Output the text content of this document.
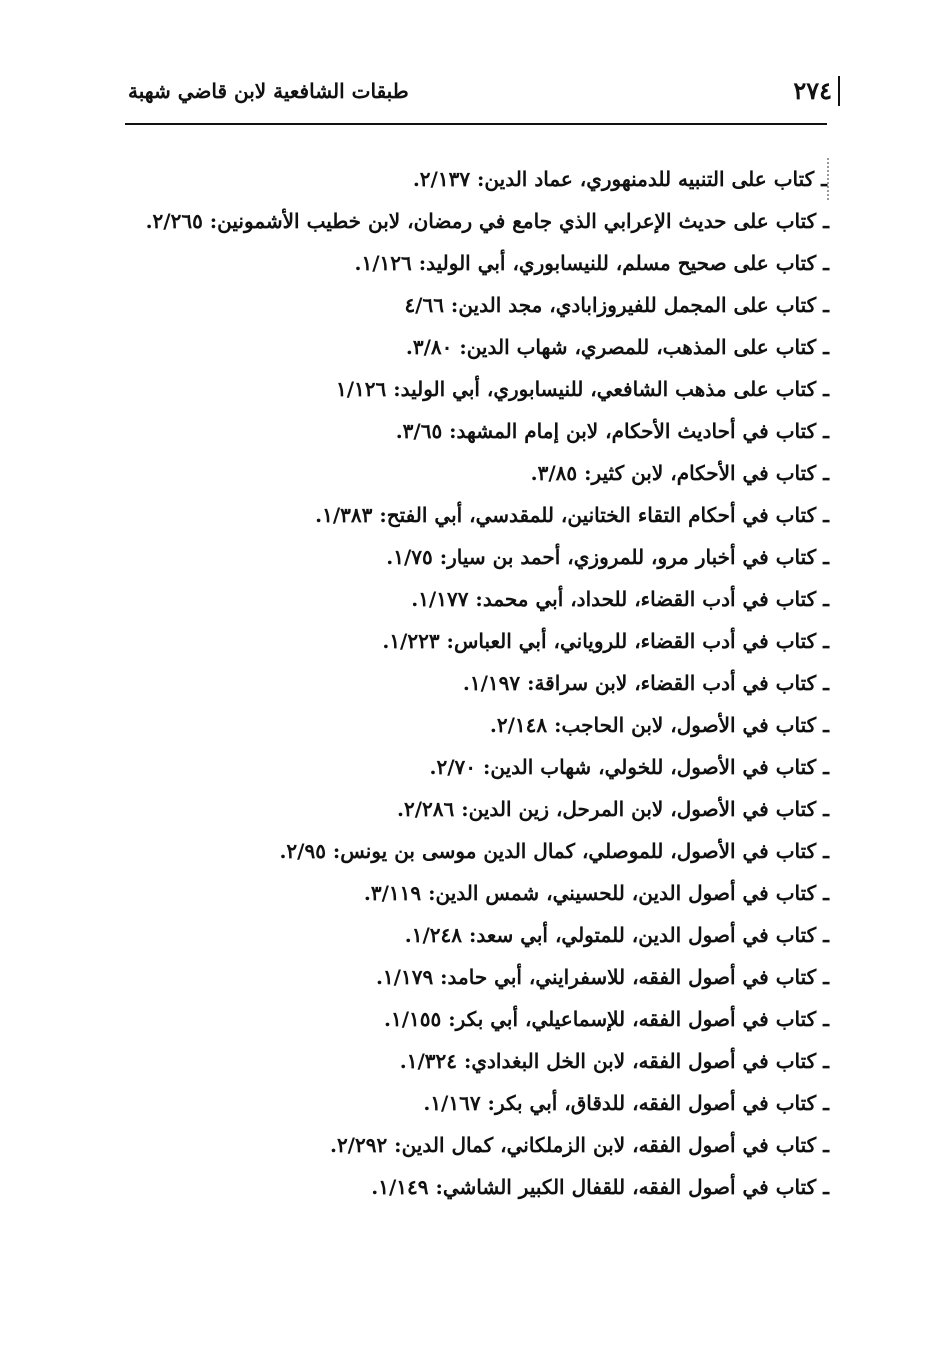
٢٧٤
طبقات الشافعية لابن قاضي شهبة
ـ كتاب على التنبيه للدمنهوري، عماد الدين: ٢/١٣٧.
ـ كتاب على حديث الإعرابي الذي جامع في رمضان، لابن خطيب الأشمونين: ٢/٢٦٥.
ـ كتاب على صحيح مسلم، للنيسابوري، أبي الوليد: ١/١٢٦.
ـ كتاب على المجمل للفيروزابادي، مجد الدين: ٤/٦٦
ـ كتاب على المذهب، للمصري، شهاب الدين: ٣/٨٠.
ـ كتاب على مذهب الشافعي، للنيسابوري، أبي الوليد: ١/١٢٦
ـ كتاب في أحاديث الأحكام، لابن إمام المشهد: ٣/٦٥.
ـ كتاب في الأحكام، لابن كثير: ٣/٨٥.
ـ كتاب في أحكام التقاء الختانين، للمقدسي، أبي الفتح: ١/٣٨٣.
ـ كتاب في أخبار مرو، للمروزي، أحمد بن سيار: ١/٧٥.
ـ كتاب في أدب القضاء، للحداد، أبي محمد: ١/١٧٧.
ـ كتاب في أدب القضاء، للروياني، أبي العباس: ١/٢٢٣.
ـ كتاب في أدب القضاء، لابن سراقة: ١/١٩٧.
ـ كتاب في الأصول، لابن الحاجب: ٢/١٤٨.
ـ كتاب في الأصول، للخولي، شهاب الدين: ٢/٧٠.
ـ كتاب في الأصول، لابن المرحل، زين الدين: ٢/٢٨٦.
ـ كتاب في الأصول، للموصلي، كمال الدين موسى بن يونس: ٢/٩٥.
ـ كتاب في أصول الدين، للحسيني، شمس الدين: ٣/١١٩.
ـ كتاب في أصول الدين، للمتولي، أبي سعد: ١/٢٤٨.
ـ كتاب في أصول الفقه، للاسفرايني، أبي حامد: ١/١٧٩.
ـ كتاب في أصول الفقه، للإسماعيلي، أبي بكر: ١/١٥٥.
ـ كتاب في أصول الفقه، لابن الخل البغدادي: ١/٣٢٤.
ـ كتاب في أصول الفقه، للدقاق، أبي بكر: ١/١٦٧.
ـ كتاب في أصول الفقه، لابن الزملكاني، كمال الدين: ٢/٢٩٢.
ـ كتاب في أصول الفقه، للقفال الكبير الشاشي: ١/١٤٩.
